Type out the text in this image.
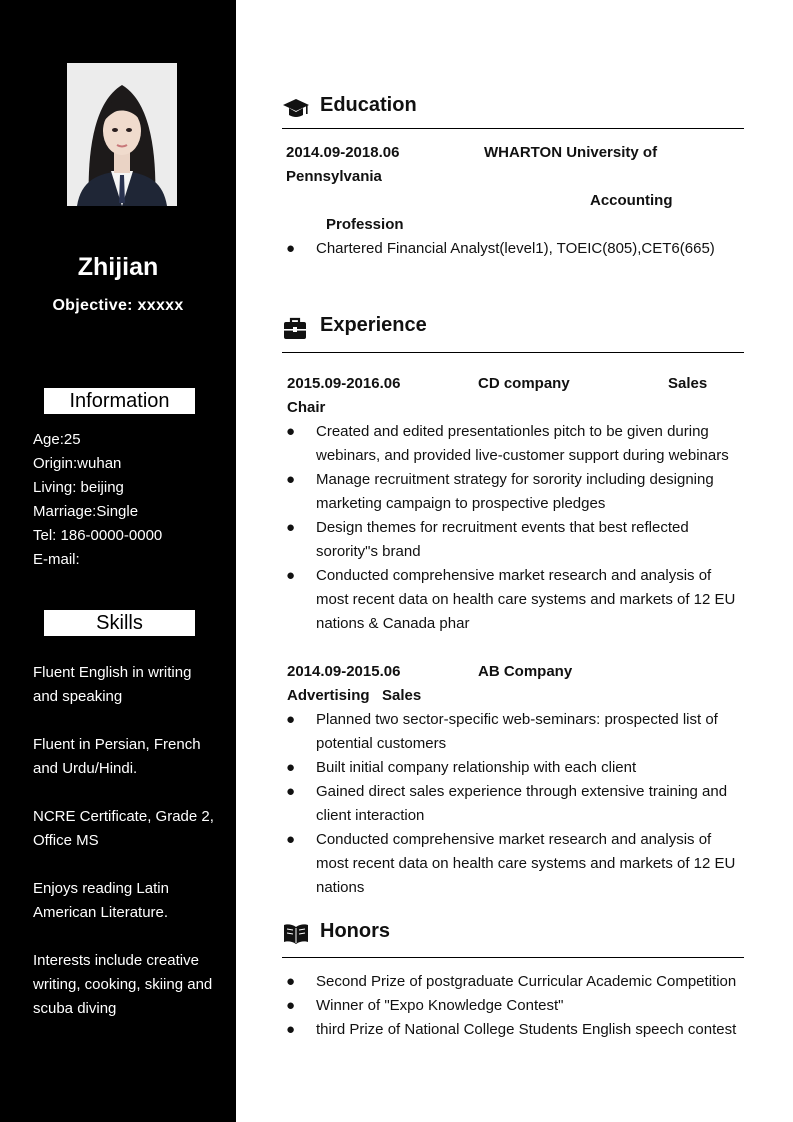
Zhijian
Objective: xxxxx
Information
Age:25
Origin:wuhan
Living: beijing
Marriage:Single
Tel: 186-0000-0000
E-mail:
Skills

Fluent English in writing and speaking

Fluent in Persian, French and Urdu/Hindi.

NCRE Certificate, Grade 2, Office MS

Enjoys reading Latin American Literature.

Interests include creative writing, cooking, skiing and scuba diving

Education
2014.09-2018.06	WHARTON University of
Pennsylvania
Accounting
Profession
● Chartered Financial Analyst(level1), TOEIC(805),CET6(665)
Experience
2015.09-2016.06	CD company	Sales
Chair
● Created and edited presentationles pitch to be given during webinars, and provided live-customer support during webinars
● Manage recruitment strategy for sorority including designing marketing campaign to prospective pledges
● Design themes for recruitment events that best reflected sorority"s brand
● Conducted comprehensive market research and analysis of most recent data on health care systems and markets of 12 EU nations & Canada phar
2014.09-2015.06	AB Company
Advertising   Sales
● Planned two sector-specific web-seminars: prospected list of potential customers
● Built initial company relationship with each client
● Gained direct sales experience through extensive training and client interaction
● Conducted comprehensive market research and analysis of most recent data on health care systems and markets of 12 EU nations
Honors
● Second Prize of postgraduate Curricular Academic Competition
● Winner of "Expo Knowledge Contest"
● third Prize of National College Students English speech contest
